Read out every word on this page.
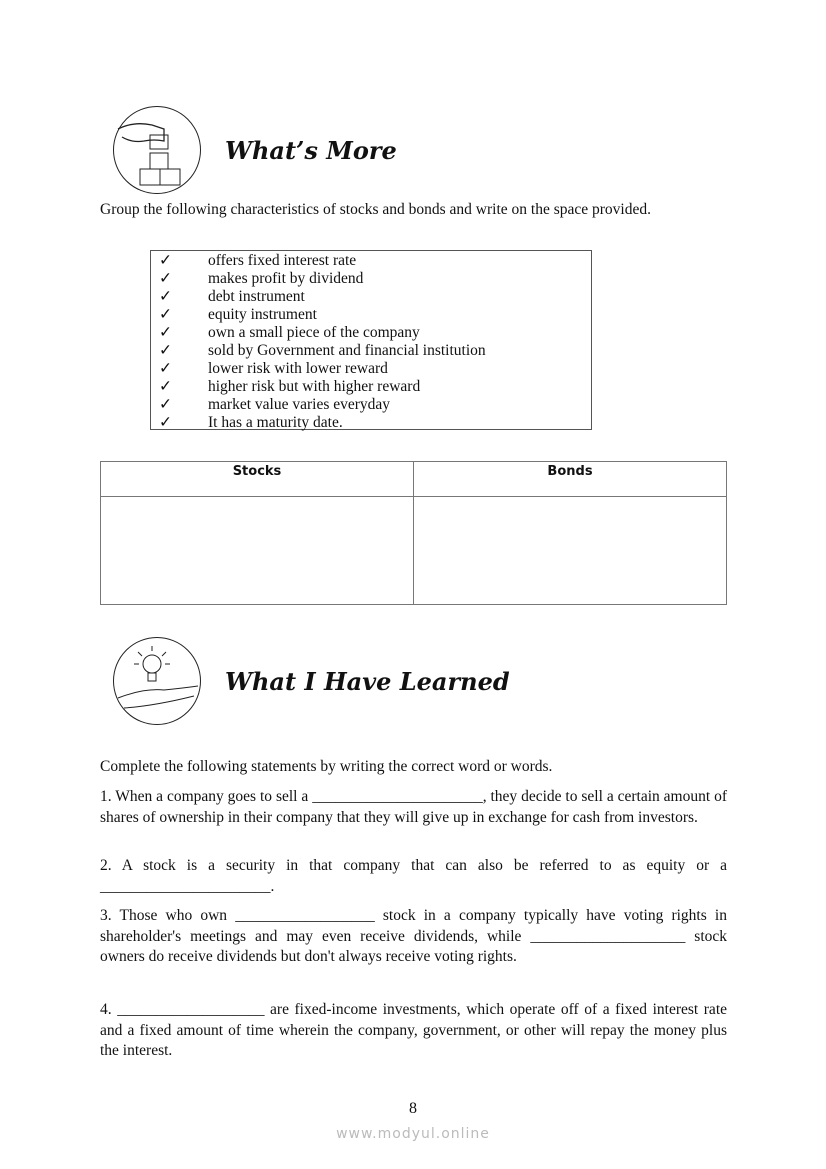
What’s More
Group the following characteristics of stocks and bonds and write on the space provided.
✓ offers fixed interest rate
✓ makes profit by dividend
✓ debt instrument
✓ equity instrument
✓ own a small piece of the company
✓ sold by Government and financial institution
✓ lower risk with lower reward
✓ higher risk but with higher reward
✓ market value varies everyday
✓ It has a maturity date.
Stocks	Bonds

What I Have Learned
Complete the following statements by writing the correct word or words.
1. When a company goes to sell a ______________________, they decide to sell a certain amount of shares of ownership in their company that they will give up in exchange for cash from investors.
2. A stock is a security in that company that can also be referred to as equity or a ______________________.
3. Those who own __________________ stock in a company typically have voting rights in shareholder's meetings and may even receive dividends, while ____________________ stock owners do receive dividends but don't always receive voting rights.
4. ___________________ are fixed-income investments, which operate off of a fixed interest rate and a fixed amount of time wherein the company, government, or other will repay the money plus the interest.
8
www.modyul.online
